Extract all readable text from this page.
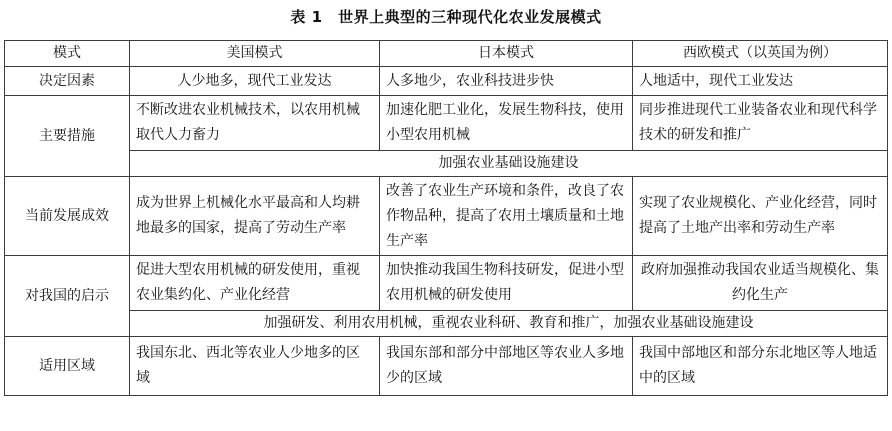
表 1　世界上典型的三种现代化农业发展模式
模式	美国模式	日本模式	西欧模式（以英国为例）
决定因素	人少地多，现代工业发达	人多地少，农业科技进步快	人地适中，现代工业发达
主要措施	不断改进农业机械技术，以农用机械取代人力畜力	加速化肥工业化，发展生物科技，使用小型农用机械	同步推进现代工业装备农业和现代科学技术的研发和推广
	加强农业基础设施建设		
当前发展成效	成为世界上机械化水平最高和人均耕地最多的国家，提高了劳动生产率	改善了农业生产环境和条件，改良了农作物品种，提高了农用土壤质量和土地生产率	实现了农业规模化、产业化经营，同时提高了土地产出率和劳动生产率
对我国的启示	促进大型农用机械的研发使用，重视农业集约化、产业化经营	加快推动我国生物科技研发，促进小型农用机械的研发使用	政府加强推动我国农业适当规模化、集约化生产
	加强研发、利用农用机械，重视农业科研、教育和推广，加强农业基础设施建设		
适用区域	我国东北、西北等农业人少地多的区域	我国东部和部分中部地区等农业人多地少的区域	我国中部地区和部分东北地区等人地适中的区域
